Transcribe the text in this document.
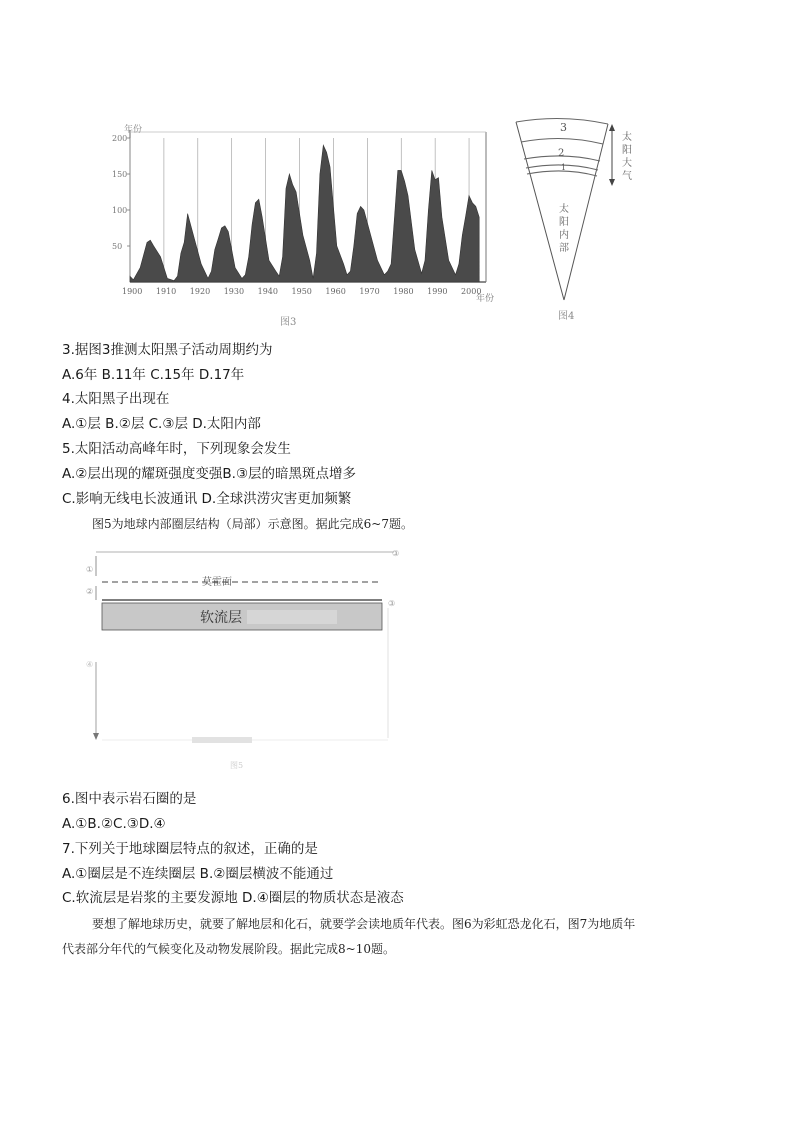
1900 1910 1920 1930 1940 1950 1960 1970 1980 1990 2000
50
100
150
200
年份
年份
图3
3
2
1
太阳内部
太阳大气
图4
3.据图3推测太阳黑子活动周期约为
A.6年 B.11年 C.15年 D.17年
4.太阳黑子出现在
A.①层 B.②层 C.③层 D.太阳内部
5.太阳活动高峰年时，下列现象会发生
A.②层出现的耀斑强度变强B.③层的暗黑斑点增多
C.影响无线电长波通讯 D.全球洪涝灾害更加频繁
图5为地球内部圈层结构（局部）示意图。据此完成6~7题。
①
②
④
③
莫霍面
软流层
③
图5
6.图中表示岩石圈的是
A.①B.②C.③D.④
7.下列关于地球圈层特点的叙述，正确的是
A.①圈层是不连续圈层 B.②圈层横波不能通过
C.软流层是岩浆的主要发源地 D.④圈层的物质状态是液态
要想了解地球历史，就要了解地层和化石，就要学会读地质年代表。图6为彩虹恐龙化石，图7为地质年
代表部分年代的气候变化及动物发展阶段。据此完成8~10题。
